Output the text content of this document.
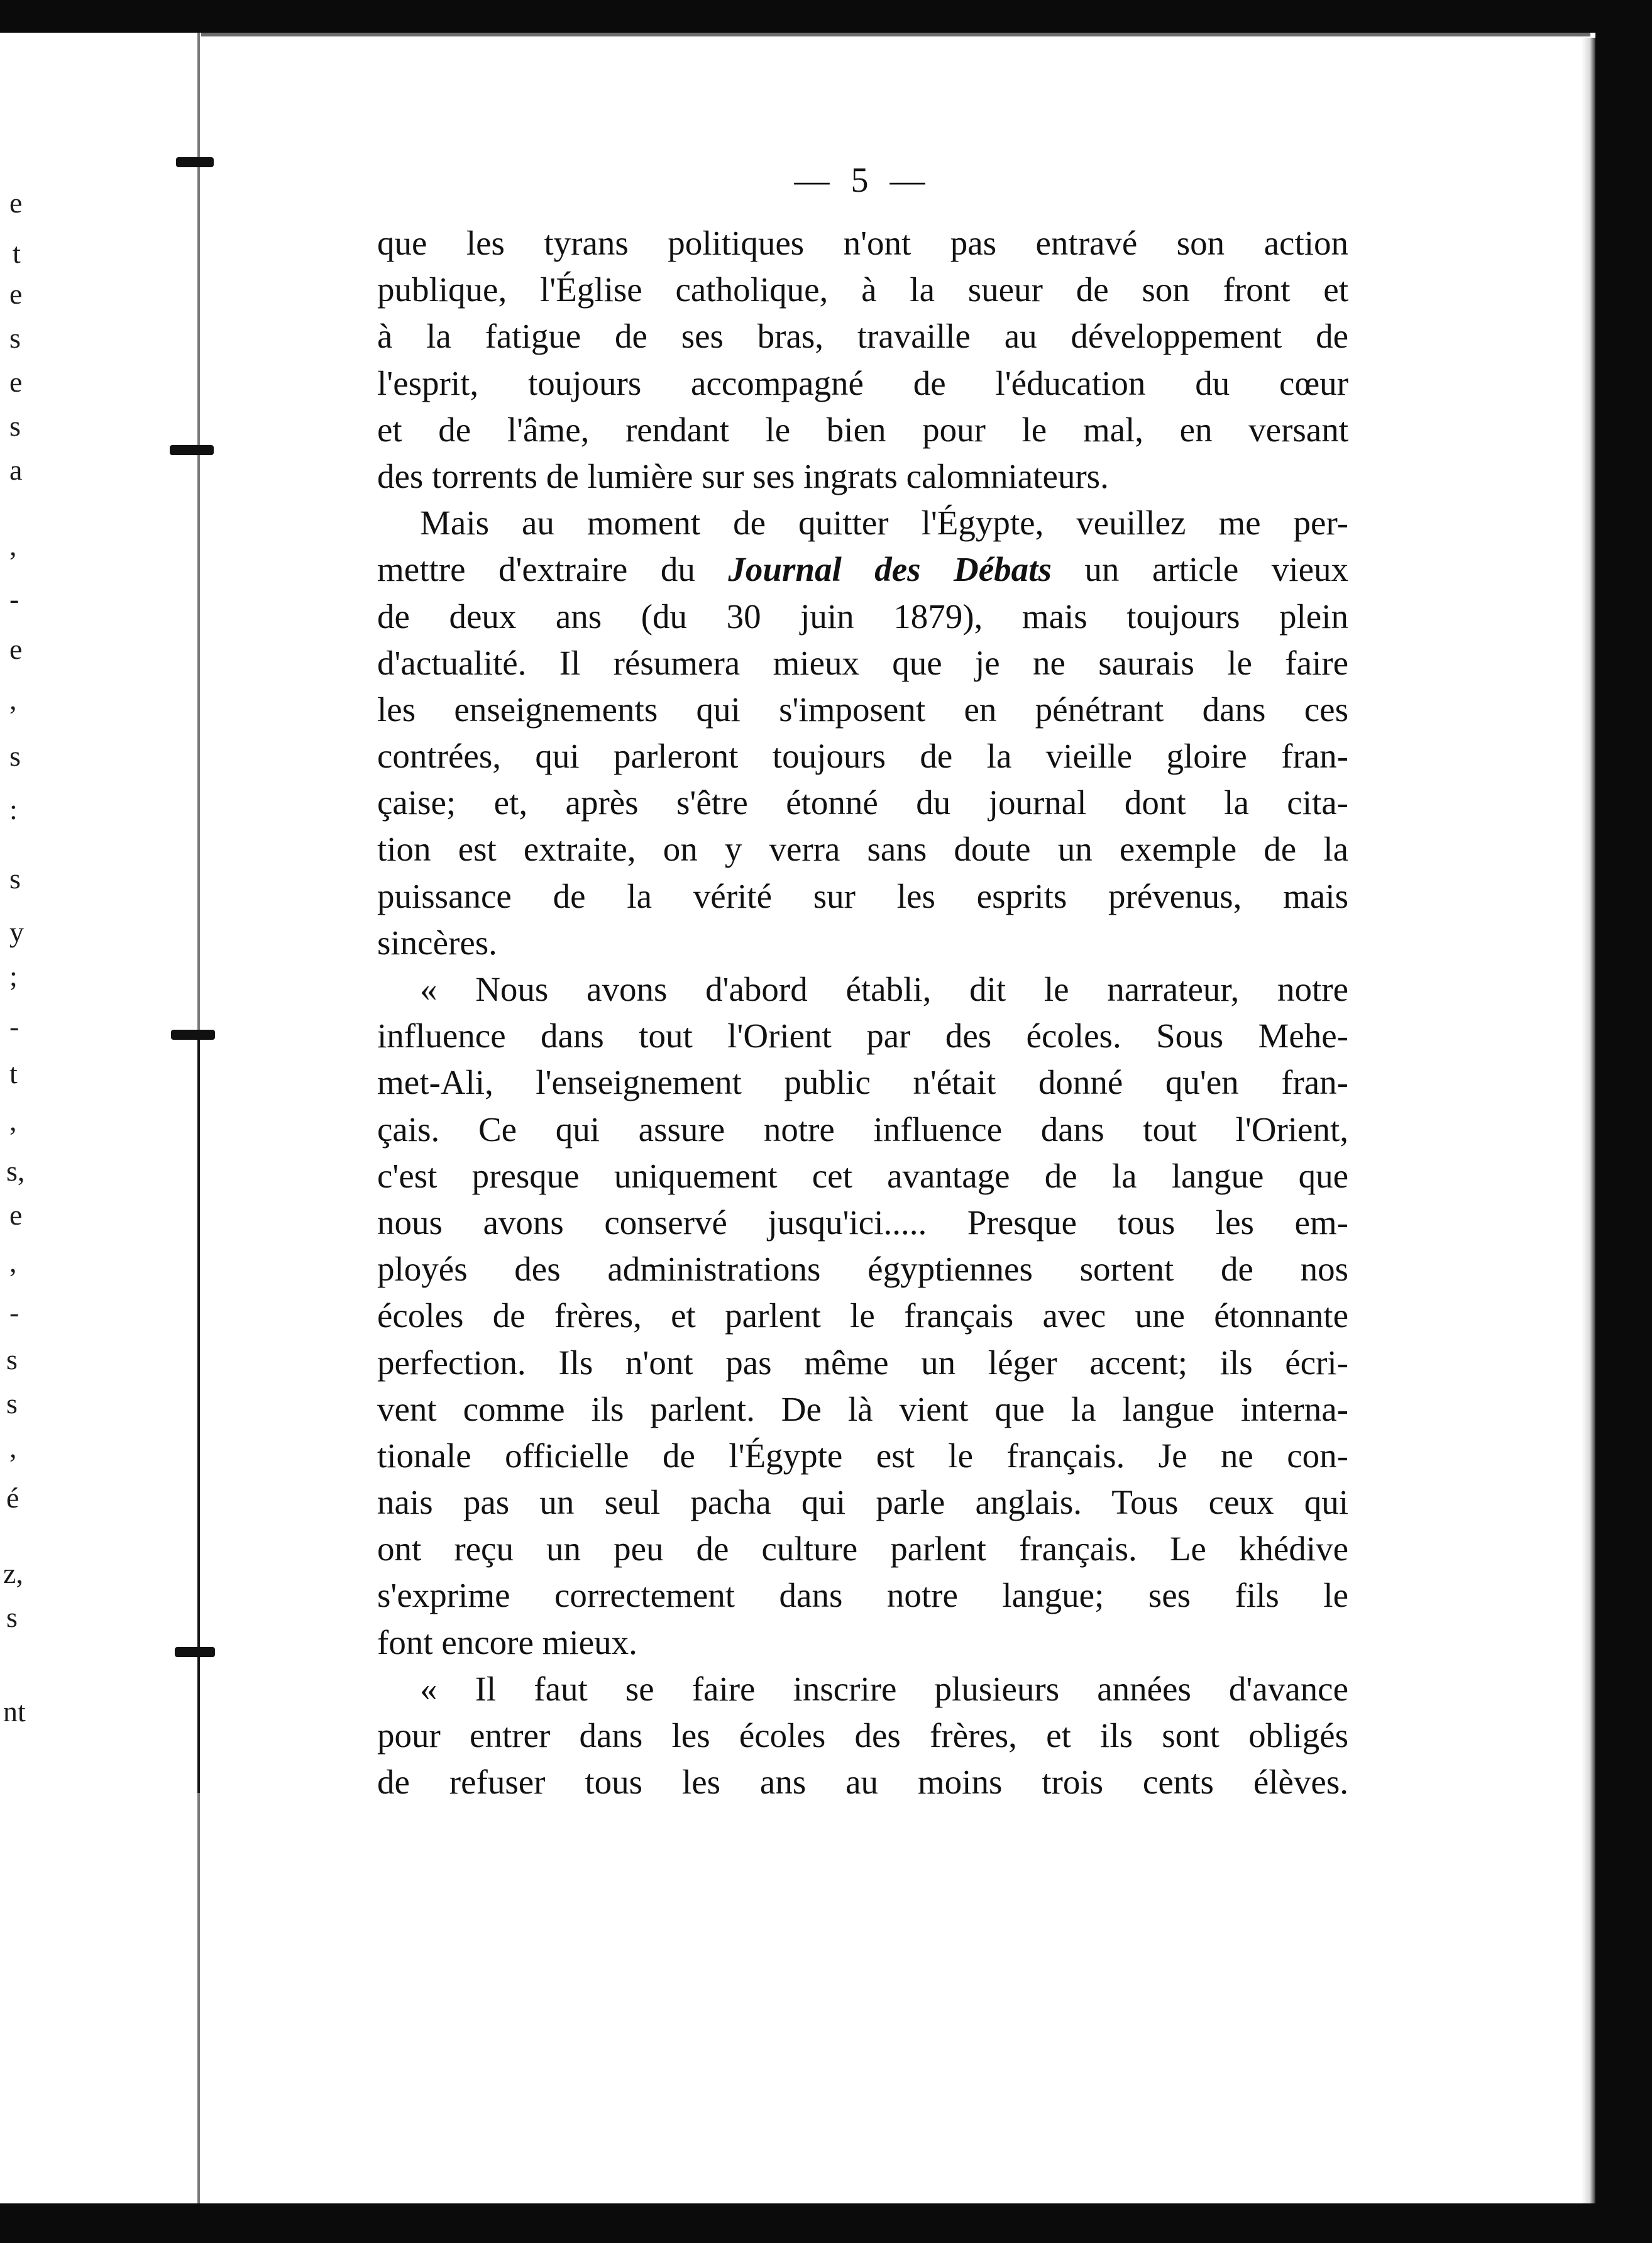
e
t
e
s
e
s
a
,
-
e
,
s
:
s
y
;
-
t
,
s,
e
,
-
s
s
,
é
z,
s
nt
— 5 —
que les tyrans politiques n'ont pas entravé son action
publique, l'Église catholique, à la sueur de son front et
à la fatigue de ses bras, travaille au développement de
l'esprit, toujours accompagné de l'éducation du cœur
et de l'âme, rendant le bien pour le mal, en versant
des torrents de lumière sur ses ingrats calomniateurs.
Mais au moment de quitter l'Égypte, veuillez me per-
mettre d'extraire du Journal des Débats un article vieux
de deux ans (du 30 juin 1879), mais toujours plein
d'actualité. Il résumera mieux que je ne saurais le faire
les enseignements qui s'imposent en pénétrant dans ces
contrées, qui parleront toujours de la vieille gloire fran-
çaise; et, après s'être étonné du journal dont la cita-
tion est extraite, on y verra sans doute un exemple de la
puissance de la vérité sur les esprits prévenus, mais
sincères.
« Nous avons d'abord établi, dit le narrateur, notre
influence dans tout l'Orient par des écoles. Sous Mehe-
met-Ali, l'enseignement public n'était donné qu'en fran-
çais. Ce qui assure notre influence dans tout l'Orient,
c'est presque uniquement cet avantage de la langue que
nous avons conservé jusqu'ici..... Presque tous les em-
ployés des administrations égyptiennes sortent de nos
écoles de frères, et parlent le français avec une étonnante
perfection. Ils n'ont pas même un léger accent; ils écri-
vent comme ils parlent. De là vient que la langue interna-
tionale officielle de l'Égypte est le français. Je ne con-
nais pas un seul pacha qui parle anglais. Tous ceux qui
ont reçu un peu de culture parlent français. Le khédive
s'exprime correctement dans notre langue; ses fils le
font encore mieux.
« Il faut se faire inscrire plusieurs années d'avance
pour entrer dans les écoles des frères, et ils sont obligés
de refuser tous les ans au moins trois cents élèves.
